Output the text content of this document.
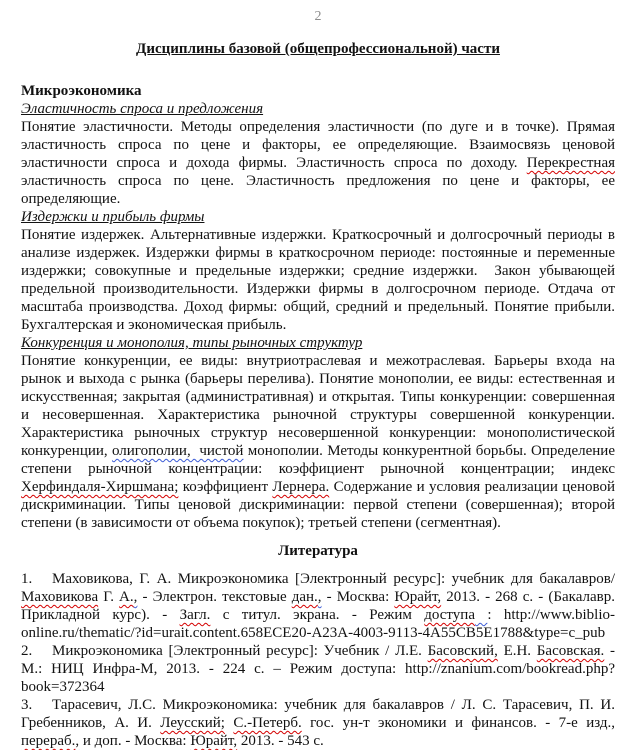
2
Дисциплины базовой (общепрофессиональной) части

Микроэкономика

Эластичность спроса и предложения

Понятие эластичности. Методы определения эластичности (по дуге и в точке). Прямая эластичность спроса по цене и факторы, ее определяющие. Взаимосвязь ценовой эластичности спроса и дохода фирмы. Эластичность спроса по доходу. Перекрестная эластичность спроса по цене. Эластичность предложения по цене и факторы, ее определяющие.

Издержки и прибыль фирмы

Понятие издержек. Альтернативные издержки. Краткосрочный и долгосрочный периоды в анализе издержек. Издержки фирмы в краткосрочном периоде: постоянные и переменные издержки; совокупные и предельные издержки; средние издержки.  Закон убывающей предельной производительности. Издержки фирмы в долгосрочном периоде. Отдача от масштаба производства. Доход фирмы: общий, средний и предельный. Понятие прибыли. Бухгалтерская и экономическая прибыль.

Конкуренция и монополия, типы рыночных структур

Понятие конкуренции, ее виды: внутриотраслевая и межотраслевая. Барьеры входа на рынок и выхода с рынка (барьеры перелива). Понятие монополии, ее виды: естественная и искусственная; закрытая (административная) и открытая. Типы конкуренции: совершенная и несовершенная. Характеристика рыночной структуры совершенной конкуренции. Характеристика рыночных структур несовершенной конкуренции: монополистической конкуренции, олигополии,  чистой монополии. Методы конкурентной борьбы. Определение степени рыночной концентрации: коэффициент рыночной концентрации; индекс Херфиндаля-Хиршмана; коэффициент Лернера. Содержание и условия реализации ценовой дискриминации. Типы ценовой дискриминации: первой степени (совершенная); второй степени (в зависимости от объема покупок); третьей степени (сегментная).

Литература

1. Маховикова, Г. А. Микроэкономика [Электронный ресурс]: учебник для бакалавров/ Маховикова Г. А., - Электрон. текстовые дан., - Москва: Юрайт, 2013. - 268 с. - (Бакалавр. Прикладной курс). - Загл. с титул. экрана. - Режим доступа : http://www.biblio-online.ru/thematic/?id=urait.content.658ECE20-A23A-4003-9113-4A55CB5E1788&type=c_pub

2. Микроэкономика [Электронный ресурс]: Учебник / Л.Е. Басовский, Е.Н. Басовская. - М.: НИЦ Инфра-М, 2013. - 224 с. – Режим доступа: http://znanium.com/bookread.php?book=372364

3. Тарасевич, Л.С. Микроэкономика: учебник для бакалавров / Л. С. Тарасевич, П. И. Гребенников, А. И. Леусский; С.-Петерб. гос. ун-т экономики и финансов. - 7-е изд., перераб., и доп. - Москва: Юрайт, 2013. - 543 с.
